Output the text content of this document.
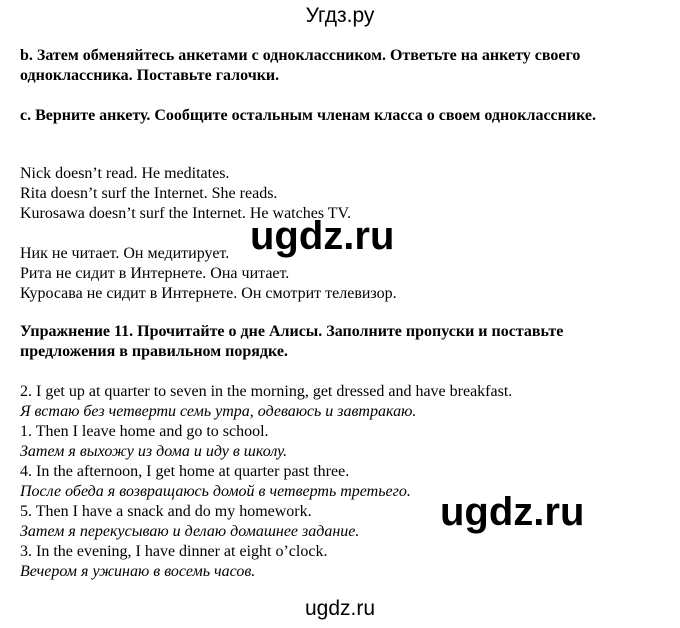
Угдз.ру
b. Затем обменяйтесь анкетами с одноклассником. Ответьте на анкету своего одноклассника. Поставьте галочки.
c. Верните анкету. Сообщите остальным членам класса о своем однокласснике.
Nick doesn’t read. He meditates.
Rita doesn’t surf the Internet. She reads.
Kurosawa doesn’t surf the Internet. He watches TV.
Ник не читает. Он медитирует.
Рита не сидит в Интернете. Она читает.
Куросава не сидит в Интернете. Он смотрит телевизор.
Упражнение 11. Прочитайте о дне Алисы. Заполните пропуски и поставьте предложения в правильном порядке.
2. I get up at quarter to seven in the morning, get dressed and have breakfast.
Я встаю без четверти семь утра, одеваюсь и завтракаю.
1. Then I leave home and go to school.
Затем я выхожу из дома и иду в школу.
4. In the afternoon, I get home at quarter past three.
После обеда я возвращаюсь домой в четверть третьего.
5. Then I have a snack and do my homework.
Затем я перекусываю и делаю домашнее задание.
3. In the evening, I have dinner at eight o’clock.
Вечером я ужинаю в восемь часов.
ugdz.ru
ugdz.ru
ugdz.ru
